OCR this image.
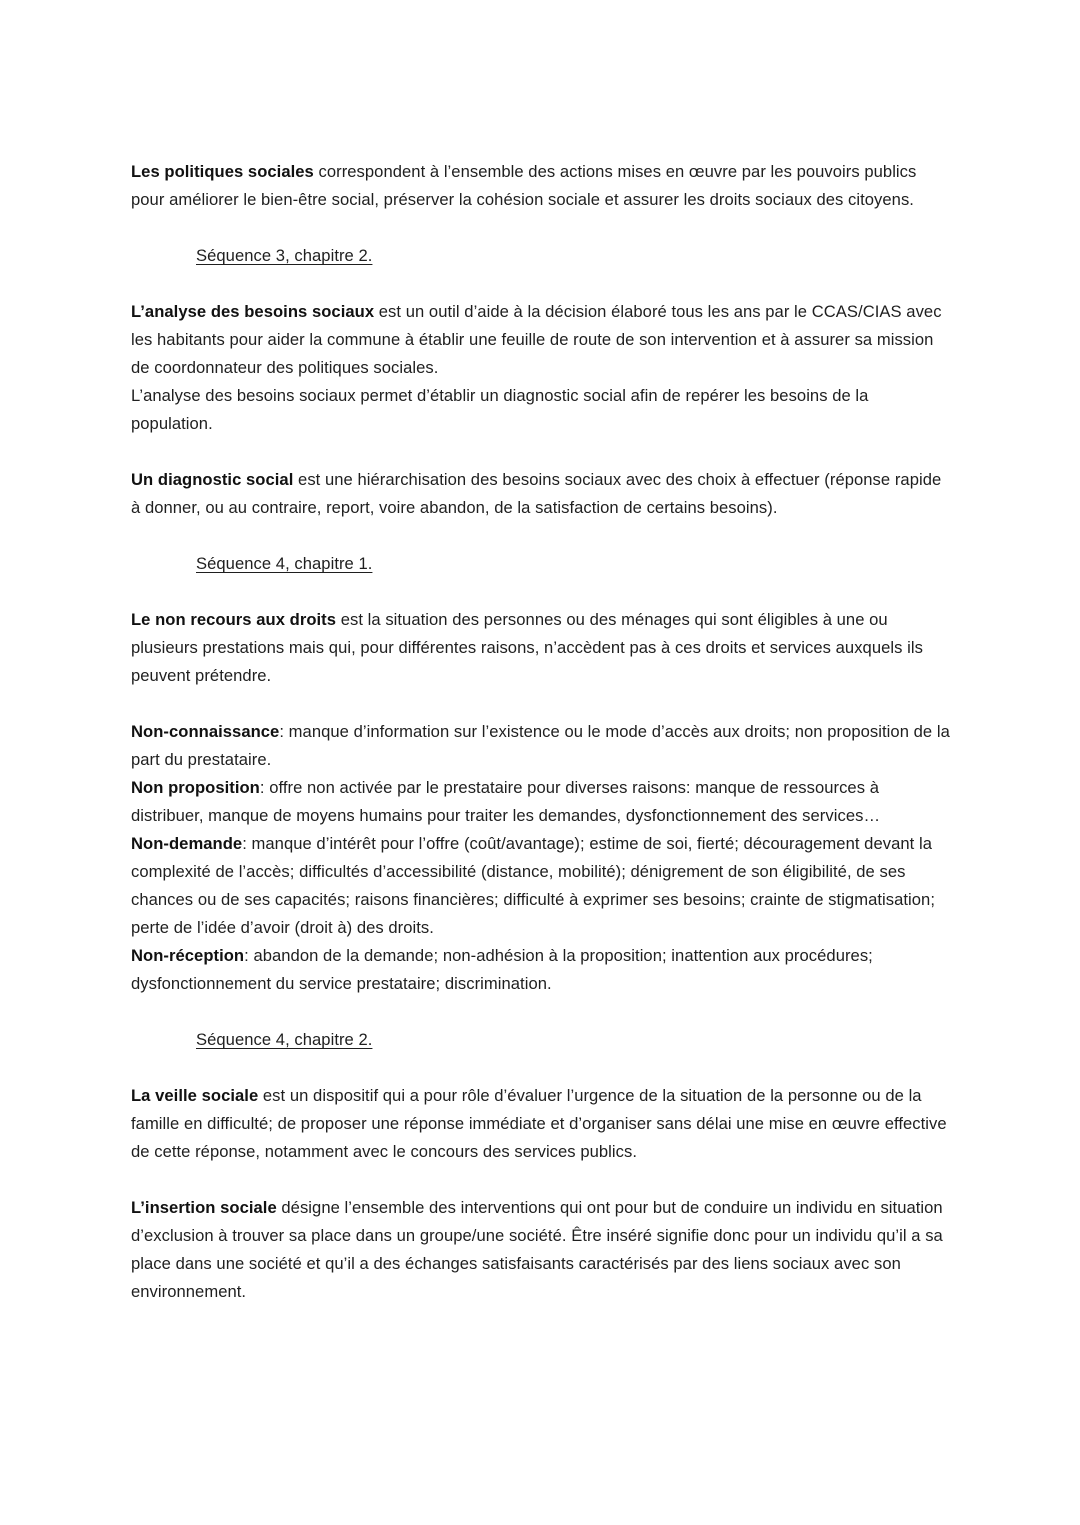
Les politiques sociales correspondent à l’ensemble des actions mises en œuvre par les pouvoirs publics pour améliorer le bien-être social, préserver la cohésion sociale et assurer les droits sociaux des citoyens.

Séquence 3, chapitre 2.

L’analyse des besoins sociaux est un outil d’aide à la décision élaboré tous les ans par le CCAS/CIAS avec les habitants pour aider la commune à établir une feuille de route de son intervention et à assurer sa mission de coordonnateur des politiques sociales.

L’analyse des besoins sociaux permet d’établir un diagnostic social afin de repérer les besoins de la population.

Un diagnostic social est une hiérarchisation des besoins sociaux avec des choix à effectuer (réponse rapide à donner, ou au contraire, report, voire abandon, de la satisfaction de certains besoins).

Séquence 4, chapitre 1.

Le non recours aux droits est la situation des personnes ou des ménages qui sont éligibles à une ou plusieurs prestations mais qui, pour différentes raisons, n’accèdent pas à ces droits et services auxquels ils peuvent prétendre.

Non-connaissance: manque d’information sur l’existence ou le mode d’accès aux droits; non proposition de la part du prestataire.

Non proposition: offre non activée par le prestataire pour diverses raisons: manque de ressources à distribuer, manque de moyens humains pour traiter les demandes, dysfonctionnement des services…

Non-demande: manque d’intérêt pour l’offre (coût/avantage); estime de soi, fierté; découragement devant la complexité de l’accès; difficultés d’accessibilité (distance, mobilité); dénigrement de son éligibilité, de ses chances ou de ses capacités; raisons financières; difficulté à exprimer ses besoins; crainte de stigmatisation; perte de l’idée d’avoir (droit à) des droits.

Non-réception: abandon de la demande; non-adhésion à la proposition; inattention aux procédures; dysfonctionnement du service prestataire; discrimination.

Séquence 4, chapitre 2.

La veille sociale est un dispositif qui a pour rôle d’évaluer l’urgence de la situation de la personne ou de la famille en difficulté; de proposer une réponse immédiate et d’organiser sans délai une mise en œuvre effective de cette réponse, notamment avec le concours des services publics.

L’insertion sociale désigne l’ensemble des interventions qui ont pour but de conduire un individu en situation d’exclusion à trouver sa place dans un groupe/une société. Être inséré signifie donc pour un individu qu’il a sa place dans une société et qu’il a des échanges satisfaisants caractérisés par des liens sociaux avec son environnement.
